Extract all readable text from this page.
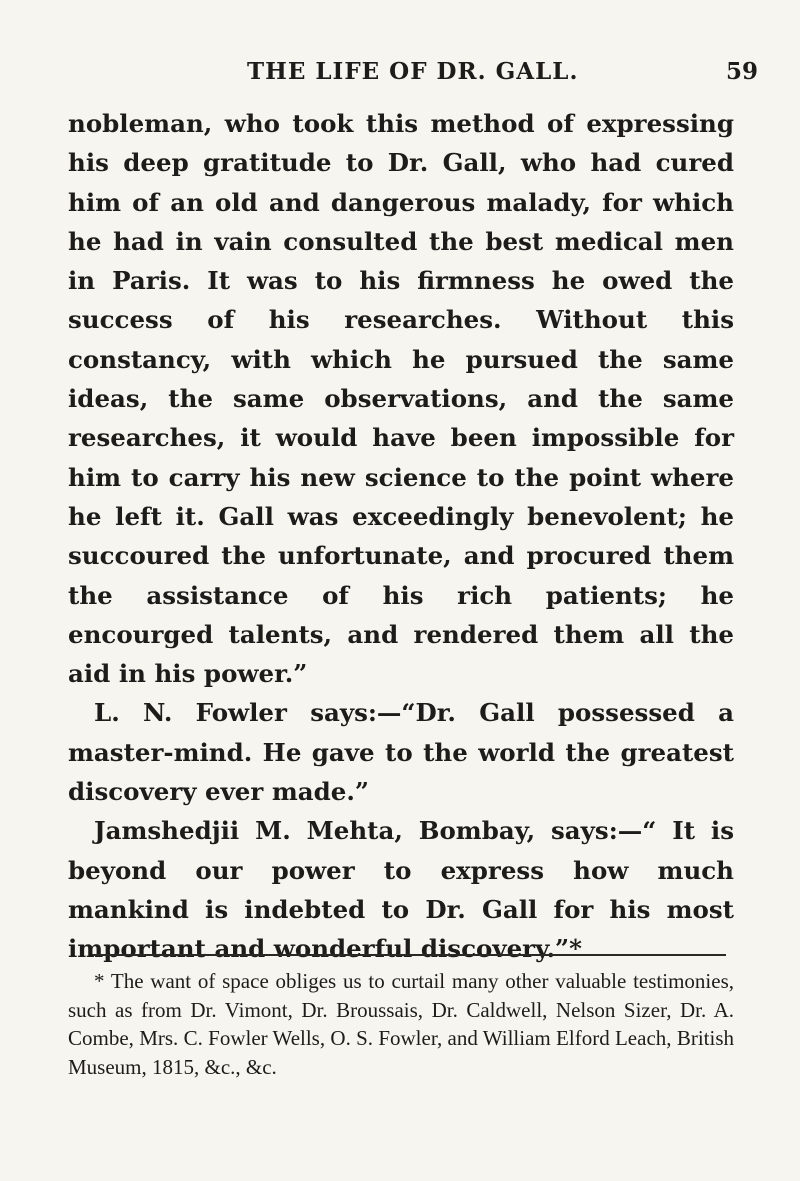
THE LIFE OF DR. GALL.	59

nobleman, who took this method of expressing his deep gratitude to Dr. Gall, who had cured him of an old and dangerous malady, for which he had in vain consulted the best medical men in Paris. It was to his firmness he owed the success of his researches. Without this constancy, with which he pursued the same ideas, the same observations, and the same researches, it would have been impossible for him to carry his new science to the point where he left it. Gall was exceedingly benevolent; he succoured the unfortunate, and procured them the assistance of his rich patients; he encourged talents, and rendered them all the aid in his power.”

L. N. Fowler says:—“Dr. Gall possessed a master-mind. He gave to the world the greatest discovery ever made.”

Jamshedjii M. Mehta, Bombay, says:—“ It is beyond our power to express how much mankind is indebted to Dr. Gall for his most important and wonderful discovery.”*

* The want of space obliges us to curtail many other valuable testimonies, such as from Dr. Vimont, Dr. Broussais, Dr. Caldwell, Nelson Sizer, Dr. A. Combe, Mrs. C. Fowler Wells, O. S. Fowler, and William Elford Leach, British Museum, 1815, &c., &c.
